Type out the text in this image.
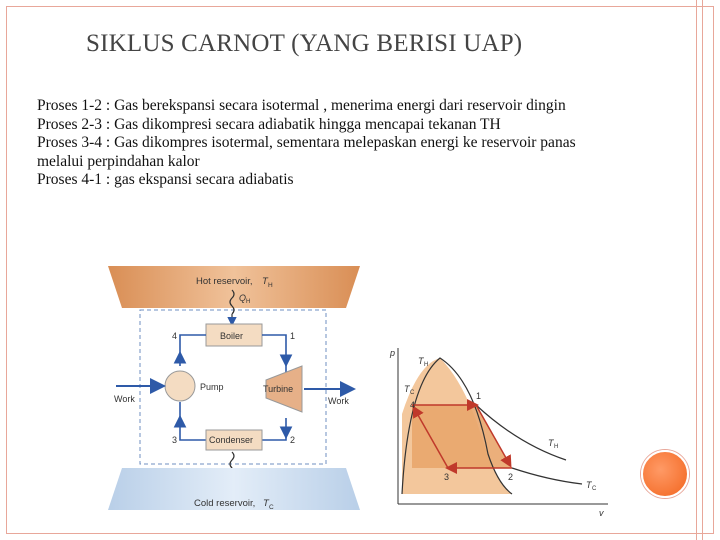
SIKLUS CARNOT (YANG BERISI UAP)
Proses 1-2 : Gas berekspansi secara isotermal , menerima energi dari reservoir dingin
Proses 2-3 : Gas dikompresi secara adiabatik hingga mencapai tekanan TH
Proses 3-4 : Gas dikompres isotermal, sementara melepaskan energi ke reservoir panas
melalui perpindahan kalor
Proses 4-1 : gas ekspansi secara adiabatis
Hot reservoir, T H
Q H
Boiler
Pump	Turbine
Work	Work
Condenser
1
2
3
4
Cold reservoir, T C
p
v
T H
T C
T H
T C
1
2
3
4
